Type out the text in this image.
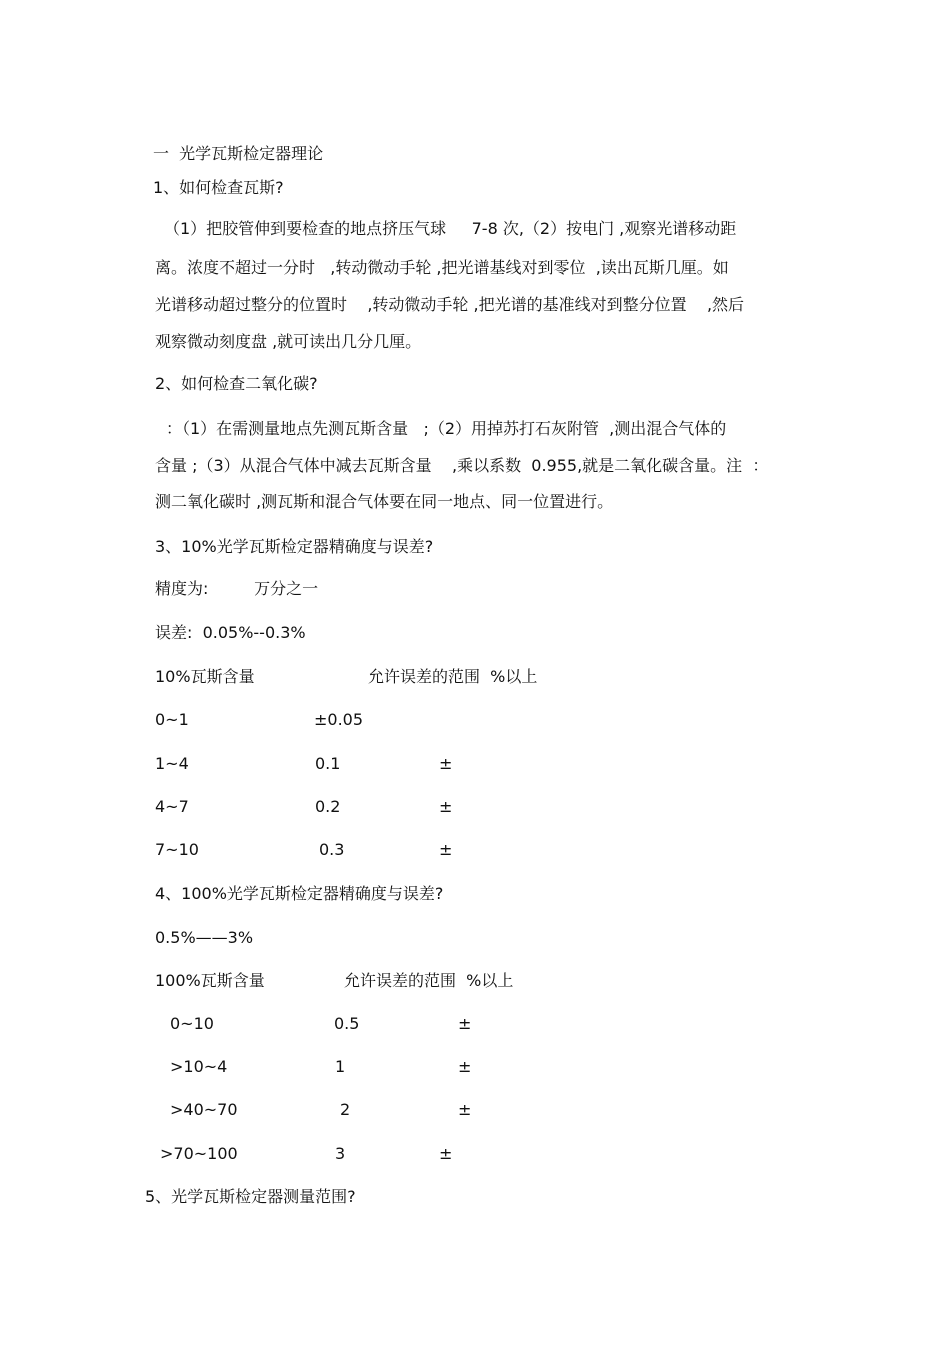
一  光学瓦斯检定器理论
1、如何检查瓦斯?
（1）把胶管伸到要检查的地点挤压气球     7-8 次,（2）按电门 ,观察光谱移动距
离。浓度不超过一分时   ,转动微动手轮 ,把光谱基线对到零位  ,读出瓦斯几厘。如
光谱移动超过整分的位置时    ,转动微动手轮 ,把光谱的基准线对到整分位置    ,然后
观察微动刻度盘 ,就可读出几分几厘。
2、如何检查二氧化碳?
：（1）在需测量地点先测瓦斯含量   ;（2）用掉苏打石灰附管  ,测出混合气体的
含量 ;（3）从混合气体中减去瓦斯含量    ,乘以系数  0.955,就是二氧化碳含量。注  ：
测二氧化碳时 ,测瓦斯和混合气体要在同一地点、同一位置进行。
3、10%光学瓦斯检定器精确度与误差?
精度为:         万分之一
误差:  0.05%--0.3%
10%瓦斯含量	允许误差的范围  %以上
0~1	±0.05
1~4	0.1	±
4~7	0.2	±
7~10	0.3	±
4、100%光学瓦斯检定器精确度与误差?
0.5%——3%
100%瓦斯含量	允许误差的范围  %以上
0~10	0.5	±
>10~4	1	±
>40~70	2	±
>70~100	3	±
5、光学瓦斯检定器测量范围?
